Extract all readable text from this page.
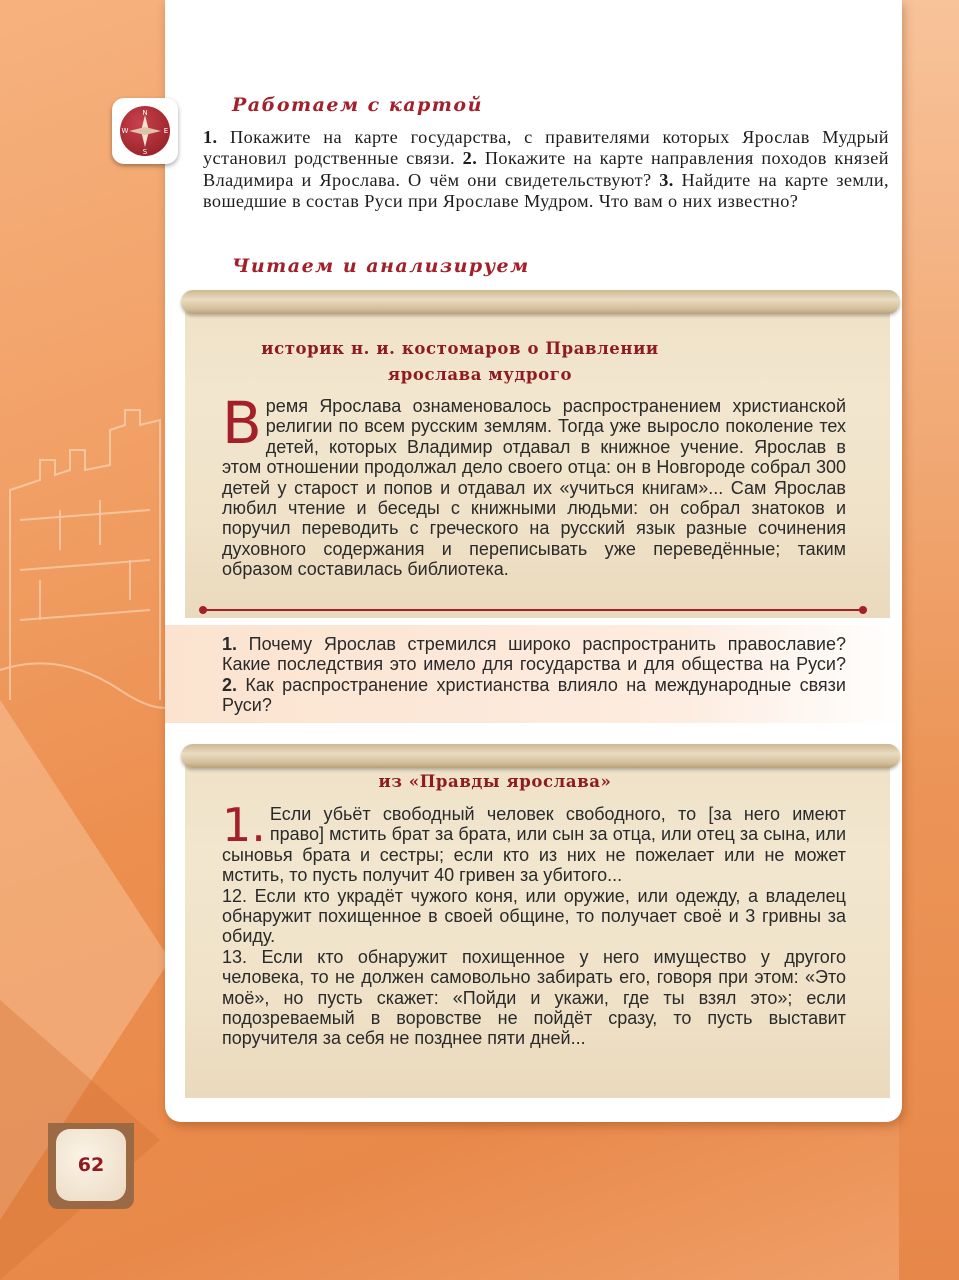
N
E
S
W
Работаем с картой
1. Покажите на карте государства, с правителями которых Ярослав Мудрый установил родственные связи. 2. Покажите на карте направления походов князей Владимира и Ярослава. О чём они свидетельствуют? 3. Найдите на карте земли, вошедшие в состав Руси при Ярославе Мудром. Что вам о них известно?
Читаем и анализируем
историк н. и. костомаров о Правлении
ярослава мудрого
Время Ярослава ознаменовалось распространением христианской религии по всем русским землям. Тогда уже выросло поколение тех детей, которых Владимир отдавал в книжное учение. Ярослав в этом отношении продолжал дело своего отца: он в Новгороде собрал 300 детей у старост и попов и отдавал их «учиться книгам»... Сам Ярослав любил чтение и беседы с книжными людьми: он собрал знатоков и поручил переводить с греческого на русский язык разные сочинения духовного содержания и переписывать уже переведённые; таким образом составилась библиотека.
1. Почему Ярослав стремился широко распространить православие? Какие последствия это имело для государства и для общества на Руси? 2. Как распространение христианства влияло на международные связи Руси?
из «Правды ярослава»
1. Если убьёт свободный человек свободного, то [за него имеют право] мстить брат за брата, или сын за отца, или отец за сына, или сыновья брата и сестры; если кто из них не пожелает или не может мстить, то пусть получит 40 гривен за убитого...
12. Если кто украдёт чужого коня, или оружие, или одежду, а владелец обнаружит похищенное в своей общине, то получает своё и 3 гривны за обиду.
13. Если кто обнаружит похищенное у него имущество у другого человека, то не должен самовольно забирать его, говоря при этом: «Это моё», но пусть скажет: «Пойди и укажи, где ты взял это»; если подозреваемый в воровстве не пойдёт сразу, то пусть выставит поручителя за себя не позднее пяти дней...
62
